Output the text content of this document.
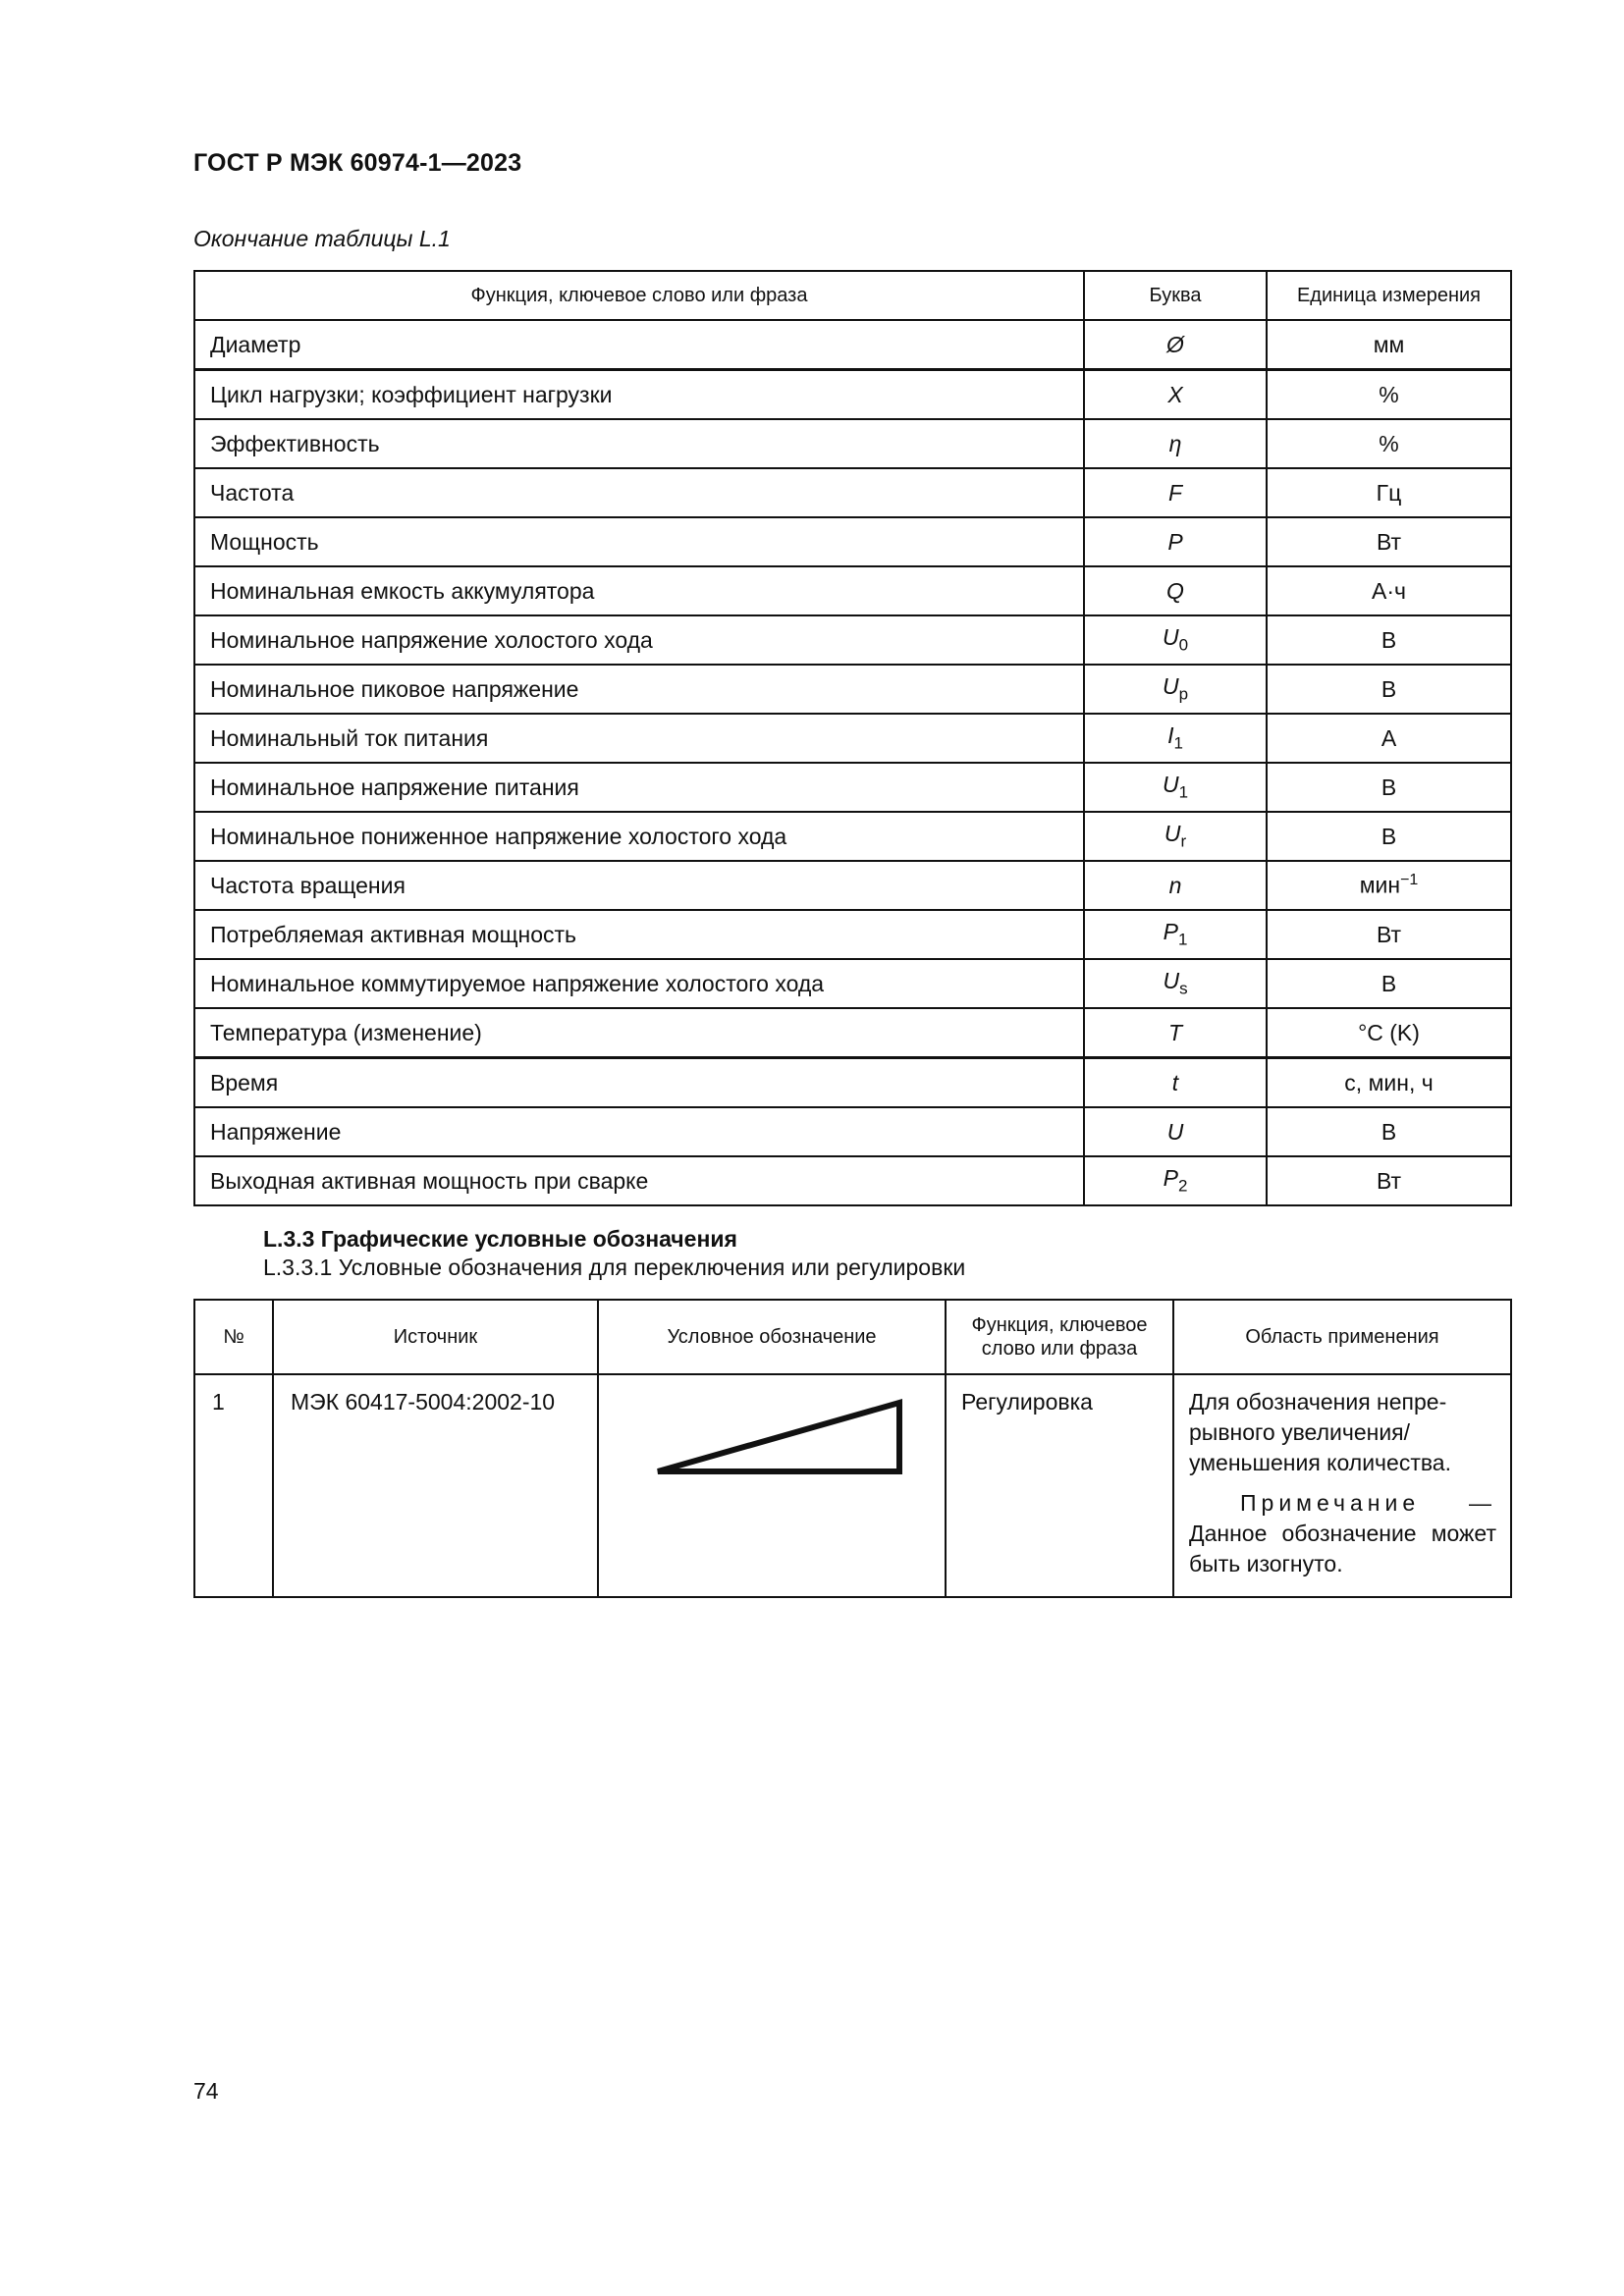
ГОСТ Р МЭК 60974-1—2023
Окончание таблицы L.1
Функция, ключевое слово или фраза	Буква	Единица измерения
Диаметр	Ø	мм
Цикл нагрузки; коэффициент нагрузки	X	%
Эффективность	η	%
Частота	F	Гц
Мощность	P	Вт
Номинальная емкость аккумулятора	Q	А·ч
Номинальное напряжение холостого хода	$U_0$	В
Номинальное пиковое напряжение	$U_p$	В
Номинальный ток питания	$I_1$	А
Номинальное напряжение питания	$U_1$	В
Номинальное пониженное напряжение холостого хода	$U_r$	В
Частота вращения	n	мин$^{-1}$
Потребляемая активная мощность	$P_1$	Вт
Номинальное коммутируемое напряжение холостого хода	$U_s$	В
Температура (изменение)	T	°C (K)
Время	t	с, мин, ч
Напряжение	U	В
Выходная активная мощность при сварке	$P_2$	Вт
L.3.3 Графические условные обозначения
L.3.3.1 Условные обозначения для переключения или регулировки
№	Источник	Условное обозначение	Функция, ключевое слово или фраза	Область применения
1	МЭК 60417-5004:2002-10		Регулировка	Для обозначения непрерывного увеличения/ уменьшения количества.
Примечание — Данное обозначение может быть изогнуто.
74
